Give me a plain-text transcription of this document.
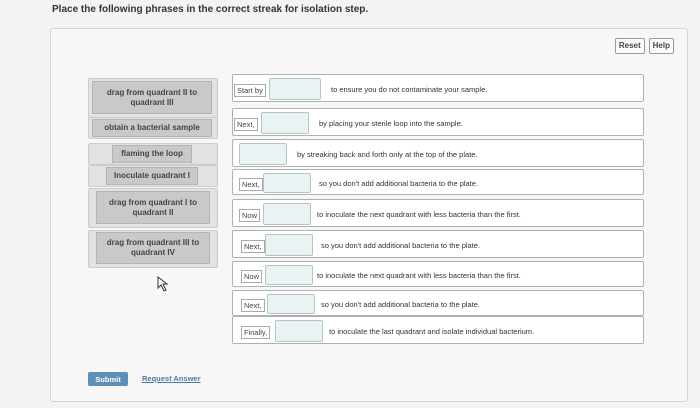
Place the following phrases in the correct streak for isolation step.
Reset	Help
drag from quadrant II to quadrant III
obtain a bacterial sample
flaming the loop
Inoculate quadrant I
drag from quadrant I to quadrant II
drag from quadrant III to quadrant IV
Start by	to ensure you do not contaminate your sample.
Next,	by placing your sterile loop into the sample.
by streaking back and forth only at the top of the plate.
Next,	so you don't add additional bacteria to the plate.
Now	to inoculate the next quadrant with less bacteria than the first.
Next,	so you don't add additional bacteria to the plate.
Now	to inoculate the next quadrant with less bacteria than the first.
Next,	so you don't add additional bacteria to the plate.
Finally,	to inoculate the last quadrant and isolate individual bacterium.
Submit	Request Answer
